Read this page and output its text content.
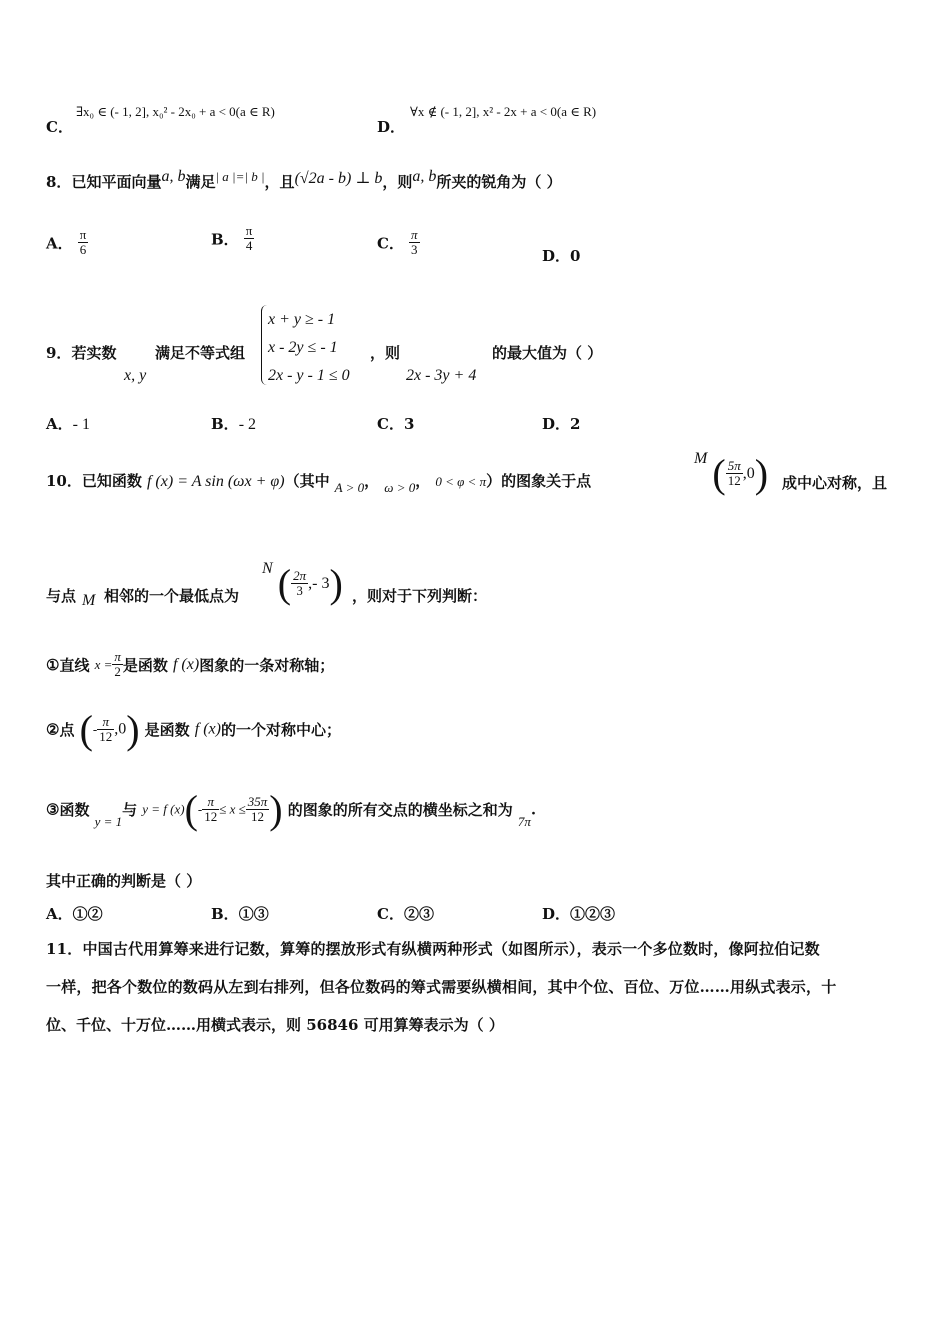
C．
∃x₀ ∈ (- 1, 2], x₀² - 2x₀ + a < 0(a ∈ R)
D．
∀x ∉ (- 1, 2], x² - 2x + a < 0(a ∈ R)
8．已知平面向量a, b满足$^{| a |=| b |}$，且(√2a - b) ⊥ b，则a, b所夹的锐角为（ ）
A． $\frac{\pi}{6}$	B． $\frac{\pi}{4}$	C． $\frac{\pi}{3}$	D．0
9．若实数
x, y
满足不等式组
x + y ≥ - 1
x - 2y ≤ - 1
2x - y - 1 ≤ 0
，则
2x - 3y + 4
的最大值为（ ）
A．- 1	B．- 2	C．3	D．2
10．已知函数 f (x) = A sin (ωx + φ)（其中 $_{A > 0}$， $_{\omega > 0}$， 0 < φ < π）的图象关于点
M ( $\frac{5\pi}{12} ,0$) 成中心对称，且
与点 M 相邻的一个最低点为
N ( $\frac{2\pi}{3}$ ,- 3) ，则对于下列判断：
①直线 $x = \frac{\pi}{2}$ 是函数 f (x)图象的一条对称轴；
②点 (- $\frac{\pi}{12} ,0$) 是函数 f (x)的一个对称中心；
③函数 $_{y = 1}$与 y = f $(x)(- \frac{\pi}{12} \le x \le \frac{35\pi}{12}$ ) 的图象的所有交点的横坐标之和为 $_{7\pi}$.
其中正确的判断是（ ）
A．①②	B．①③	C．②③	D．①②③
11．中国古代用算筹来进行记数，算筹的摆放形式有纵横两种形式（如图所示），表示一个多位数时，像阿拉伯记数
一样，把各个数位的数码从左到右排列，但各位数码的筹式需要纵横相间，其中个位、百位、万位……用纵式表示，十
位、千位、十万位……用横式表示，则 56846 可用算筹表示为（ ）
